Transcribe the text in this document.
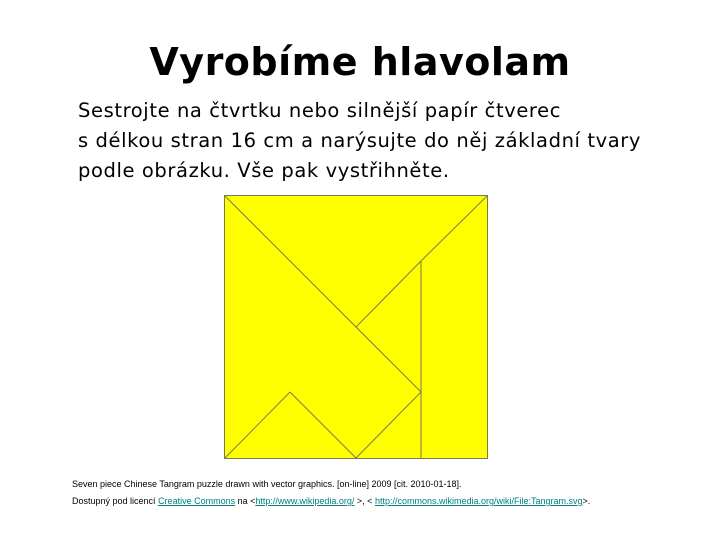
Vyrobíme hlavolam
Sestrojte na čtvrtku nebo silnější papír čtverec
s délkou stran 16 cm a narýsujte do něj základní tvary
podle obrázku. Vše pak vystřihněte.
Seven piece Chinese Tangram puzzle drawn with vector graphics. [on-line] 2009 [cit. 2010-01-18].
Dostupný pod licencí Creative Commons na <http://www.wikipedia.org/ >, < http://commons.wikimedia.org/wiki/File:Tangram.svg>.
